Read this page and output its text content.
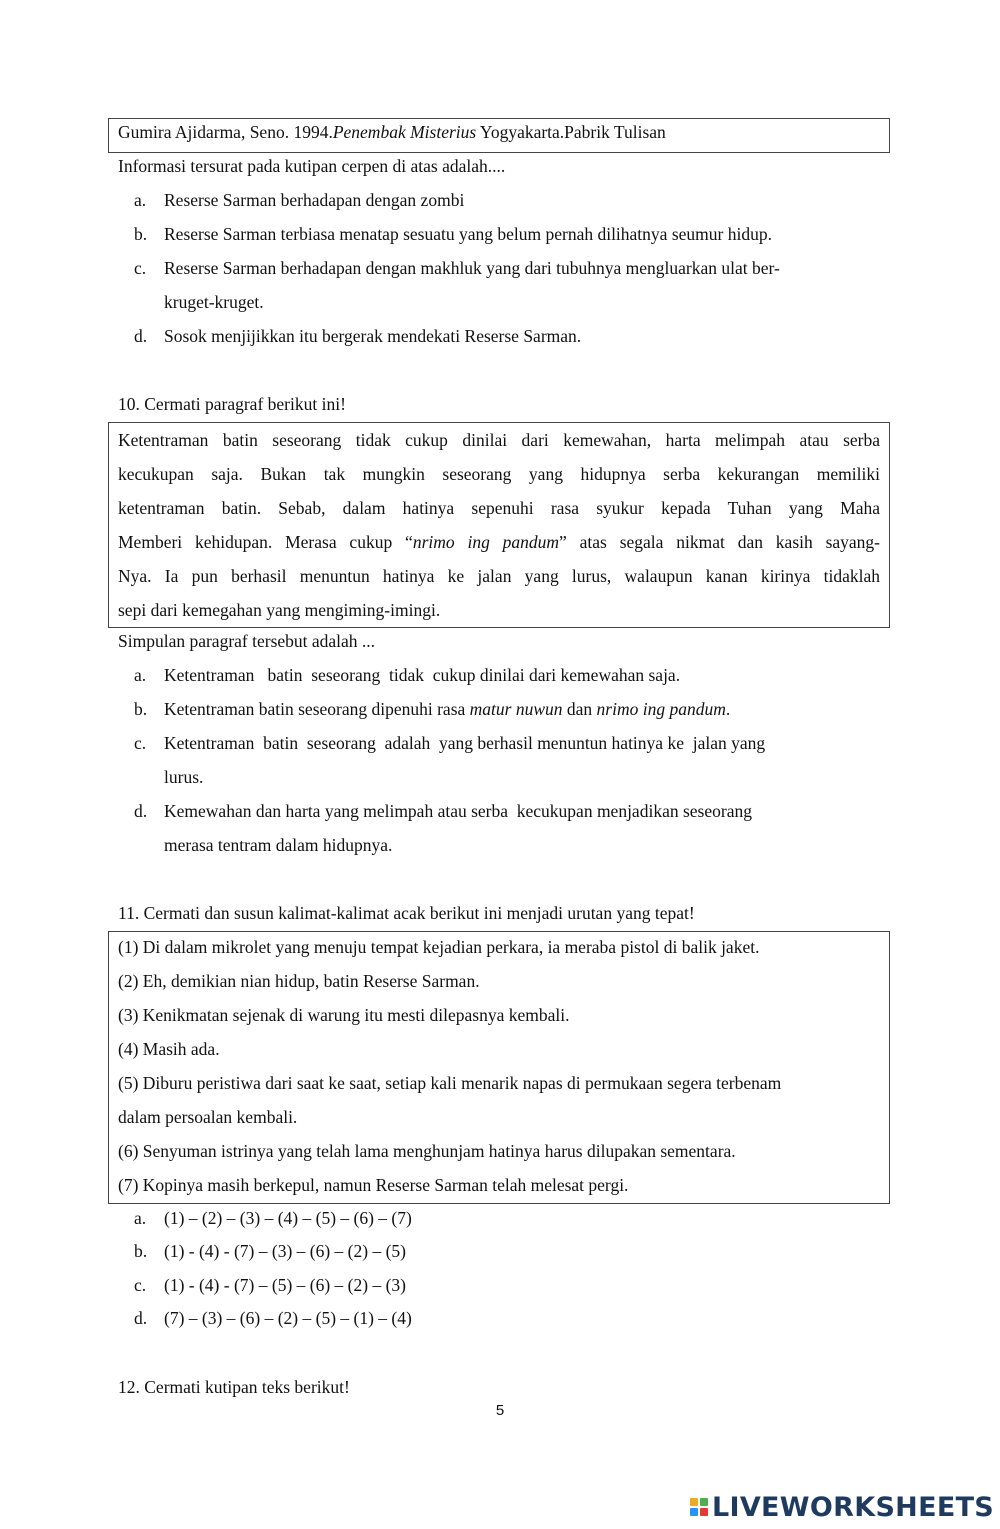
Gumira Ajidarma, Seno. 1994.Penembak Misterius Yogyakarta.Pabrik Tulisan
Informasi tersurat pada kutipan cerpen di atas adalah....
a. Reserse Sarman berhadapan dengan zombi
b. Reserse Sarman terbiasa menatap sesuatu yang belum pernah dilihatnya seumur hidup.
c. Reserse Sarman berhadapan dengan makhluk yang dari tubuhnya mengluarkan ulat ber-
kruget-kruget.
d. Sosok menjijikkan itu bergerak mendekati Reserse Sarman.
10. Cermati paragraf berikut ini!
Ketentraman batin seseorang tidak cukup dinilai dari kemewahan, harta melimpah atau serba
kecukupan saja. Bukan tak mungkin seseorang yang hidupnya serba kekurangan memiliki
ketentraman batin. Sebab, dalam hatinya sepenuhi rasa syukur kepada Tuhan yang Maha
Memberi kehidupan. Merasa cukup “nrimo ing pandum” atas segala nikmat dan kasih sayang-
Nya. Ia pun berhasil menuntun hatinya ke jalan yang lurus, walaupun kanan kirinya tidaklah
sepi dari kemegahan yang mengiming-imingi.
Simpulan paragraf tersebut adalah ...
a. Ketentraman   batin  seseorang  tidak  cukup dinilai dari kemewahan saja.
b. Ketentraman batin seseorang dipenuhi rasa matur nuwun dan nrimo ing pandum.
c. Ketentraman  batin  seseorang  adalah  yang berhasil menuntun hatinya ke  jalan yang
lurus.
d. Kemewahan dan harta yang melimpah atau serba  kecukupan menjadikan seseorang
merasa tentram dalam hidupnya.
11. Cermati dan susun kalimat-kalimat acak berikut ini menjadi urutan yang tepat!
(1) Di dalam mikrolet yang menuju tempat kejadian perkara, ia meraba pistol di balik jaket.
(2) Eh, demikian nian hidup, batin Reserse Sarman.
(3) Kenikmatan sejenak di warung itu mesti dilepasnya kembali.
(4) Masih ada.
(5) Diburu peristiwa dari saat ke saat, setiap kali menarik napas di permukaan segera terbenam
dalam persoalan kembali.
(6) Senyuman istrinya yang telah lama menghunjam hatinya harus dilupakan sementara.
(7) Kopinya masih berkepul, namun Reserse Sarman telah melesat pergi.
a. (1) – (2) – (3) – (4) – (5) – (6) – (7)
b. (1) - (4) - (7) – (3) – (6) – (2) – (5)
c. (1) - (4) - (7) – (5) – (6) – (2) – (3)
d. (7) – (3) – (6) – (2) – (5) – (1) – (4)
12. Cermati kutipan teks berikut!
5
LIVEWORKSHEETS
